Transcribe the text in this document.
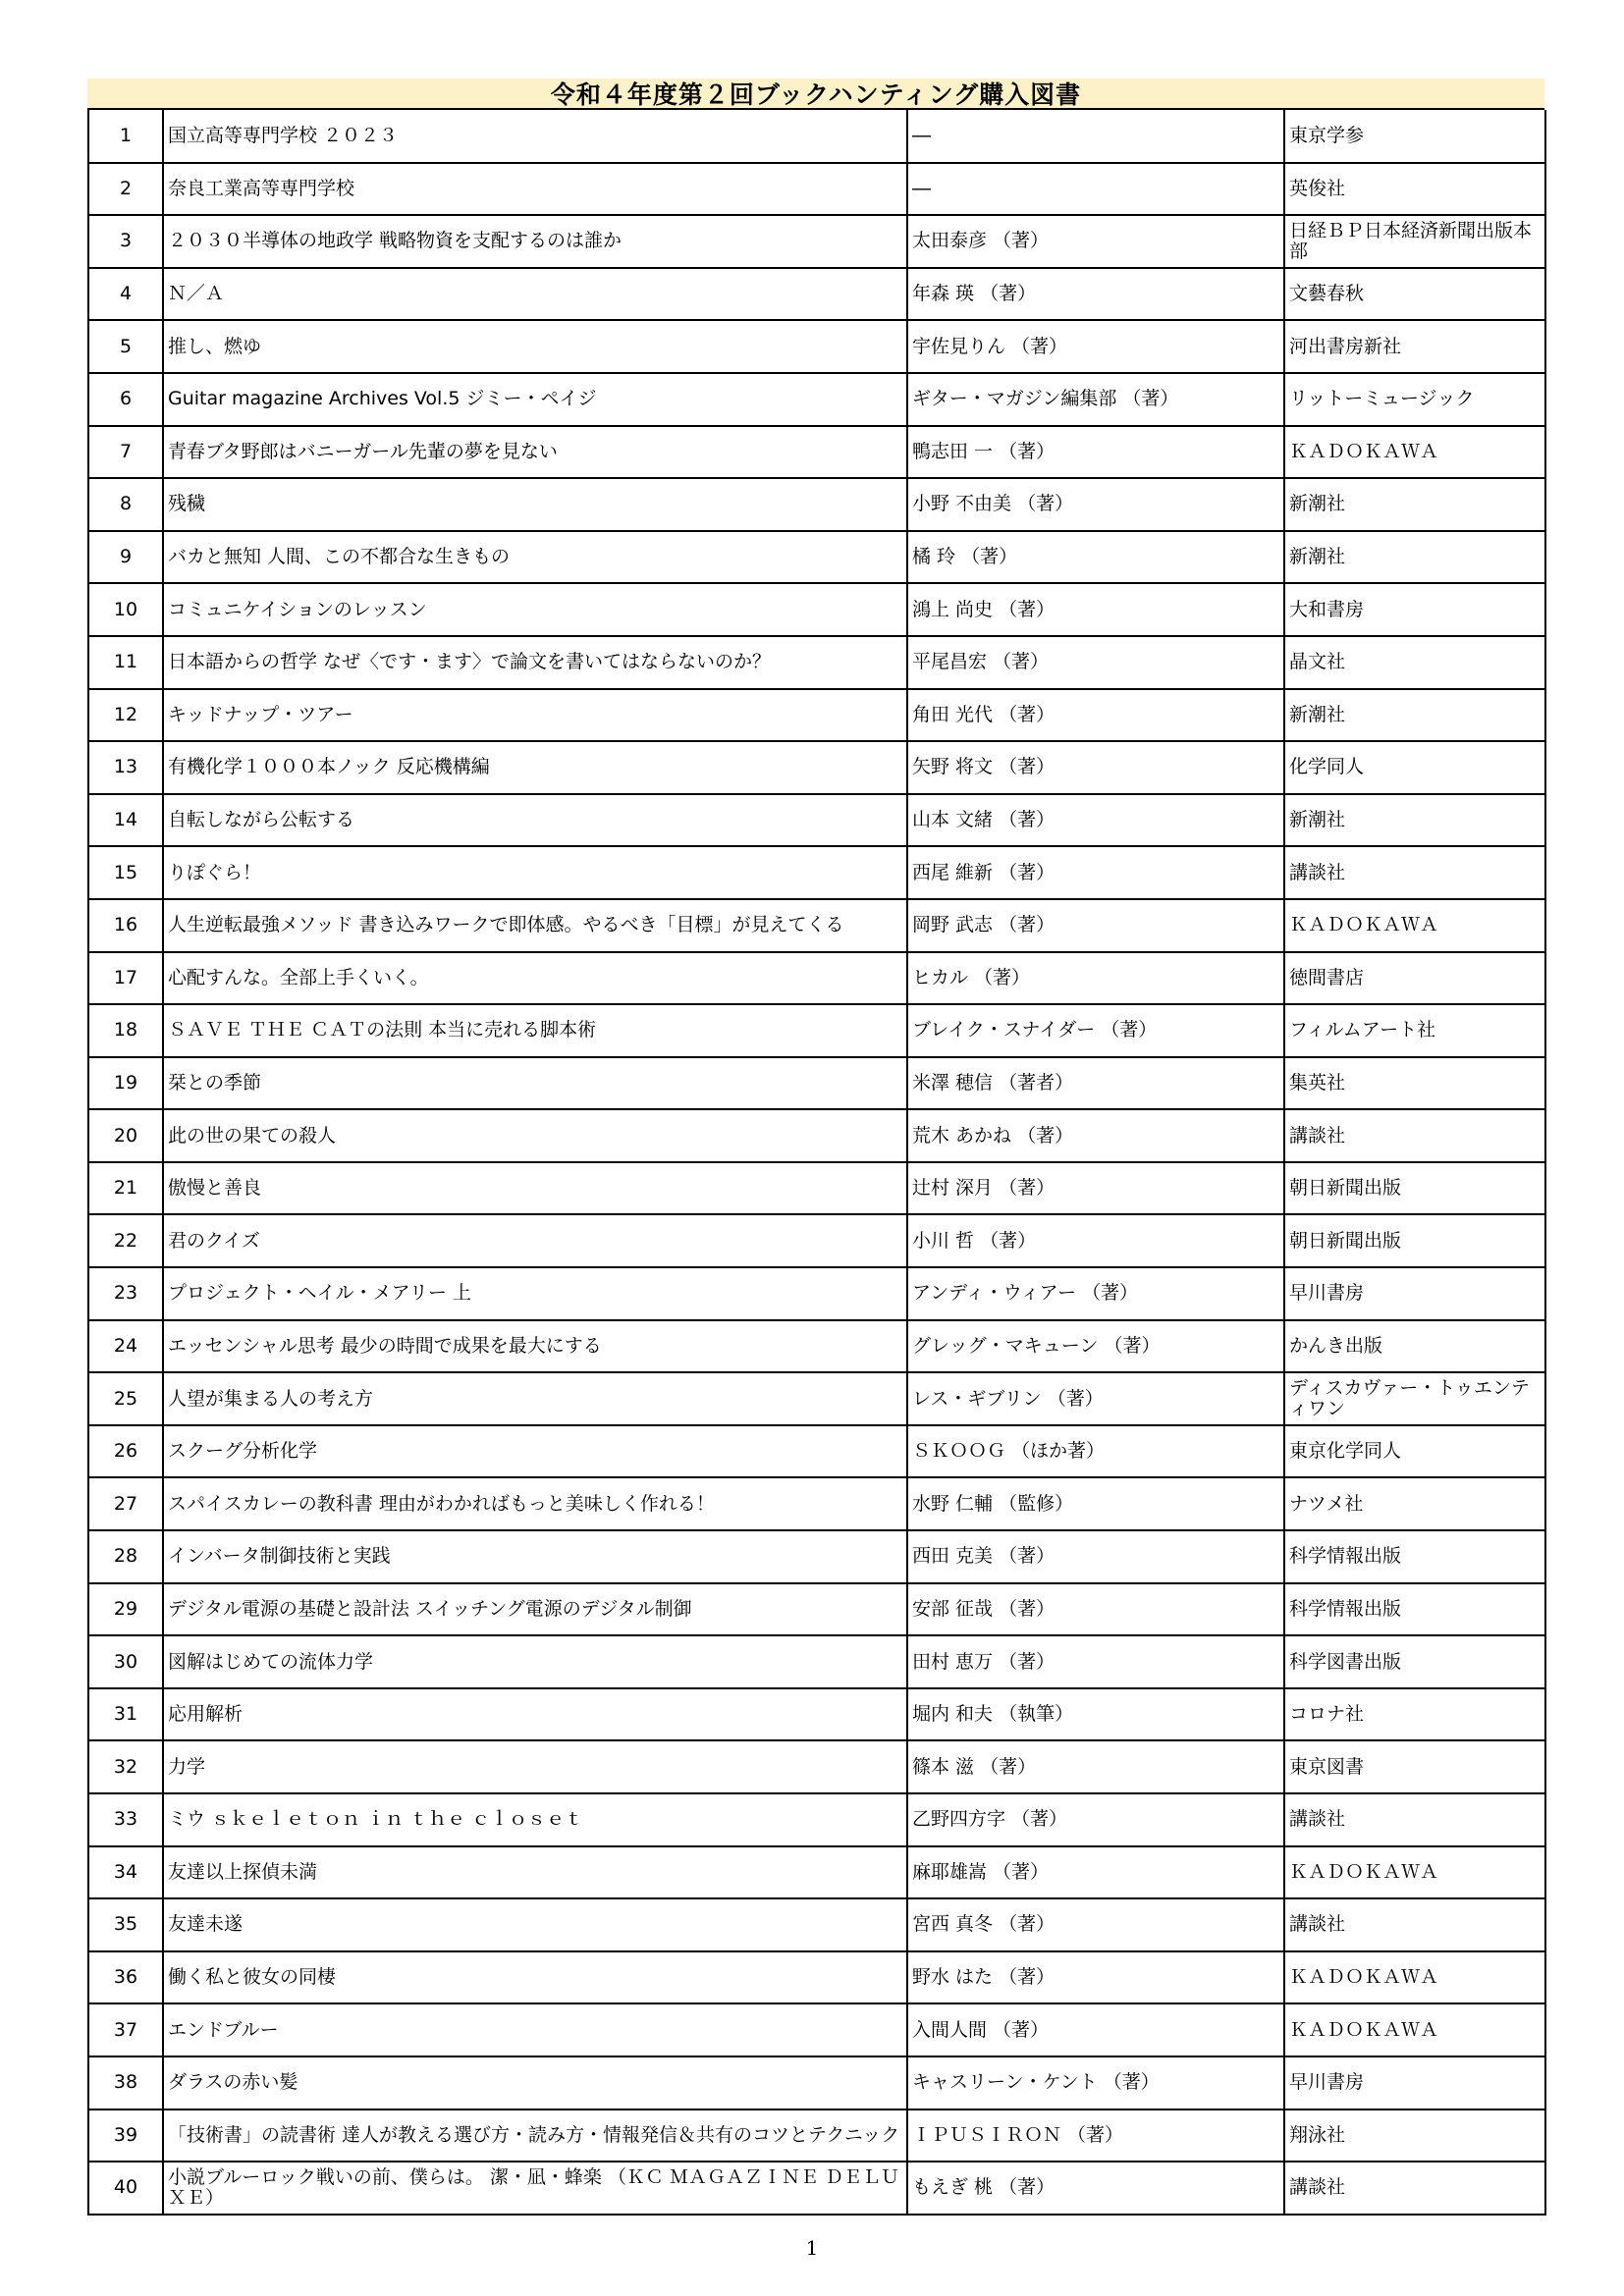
令和４年度第２回ブックハンティング購入図書
1	国立高等専門学校 ２０２３	―	東京学参
2	奈良工業高等専門学校	―	英俊社
3	２０３０半導体の地政学 戦略物資を支配するのは誰か	太田泰彦 （著）	日経ＢＰ日本経済新聞出版本部
4	Ｎ／Ａ	年森 瑛 （著）	文藝春秋
5	推し、燃ゆ	宇佐見りん （著）	河出書房新社
6	Guitar magazine Archives Vol.5 ジミー・ペイジ	ギター・マガジン編集部 （著）	リットーミュージック
7	青春ブタ野郎はバニーガール先輩の夢を見ない	鴨志田 一 （著）	ＫＡＤＯＫＡＷＡ
8	残穢	小野 不由美 （著）	新潮社
9	バカと無知 人間、この不都合な生きもの	橘 玲 （著）	新潮社
10	コミュニケイションのレッスン	鴻上 尚史 （著）	大和書房
11	日本語からの哲学 なぜ〈です・ます〉で論文を書いてはならないのか？	平尾昌宏 （著）	晶文社
12	キッドナップ・ツアー	角田 光代 （著）	新潮社
13	有機化学１０００本ノック 反応機構編	矢野 将文 （著）	化学同人
14	自転しながら公転する	山本 文緒 （著）	新潮社
15	りぽぐら！	西尾 維新 （著）	講談社
16	人生逆転最強メソッド 書き込みワークで即体感。やるべき「目標」が見えてくる	岡野 武志 （著）	ＫＡＤＯＫＡＷＡ
17	心配すんな。全部上手くいく。	ヒカル （著）	徳間書店
18	ＳＡＶＥ ＴＨＥ ＣＡＴの法則 本当に売れる脚本術	ブレイク・スナイダー （著）	フィルムアート社
19	栞との季節	米澤 穂信 （著者）	集英社
20	此の世の果ての殺人	荒木 あかね （著）	講談社
21	傲慢と善良	辻村 深月 （著）	朝日新聞出版
22	君のクイズ	小川 哲 （著）	朝日新聞出版
23	プロジェクト・ヘイル・メアリー 上	アンディ・ウィアー （著）	早川書房
24	エッセンシャル思考 最少の時間で成果を最大にする	グレッグ・マキューン （著）	かんき出版
25	人望が集まる人の考え方	レス・ギブリン （著）	ディスカヴァー・トゥエンティワン
26	スクーグ分析化学	ＳＫＯＯＧ （ほか著）	東京化学同人
27	スパイスカレーの教科書 理由がわかればもっと美味しく作れる！	水野 仁輔 （監修）	ナツメ社
28	インバータ制御技術と実践	西田 克美 （著）	科学情報出版
29	デジタル電源の基礎と設計法 スイッチング電源のデジタル制御	安部 征哉 （著）	科学情報出版
30	図解はじめての流体力学	田村 恵万 （著）	科学図書出版
31	応用解析	堀内 和夫 （執筆）	コロナ社
32	力学	篠本 滋 （著）	東京図書
33	ミウ ｓｋｅｌｅｔｏｎ ｉｎ ｔｈｅ ｃｌｏｓｅｔ	乙野四方字 （著）	講談社
34	友達以上探偵未満	麻耶雄嵩 （著）	ＫＡＤＯＫＡＷＡ
35	友達未遂	宮西 真冬 （著）	講談社
36	働く私と彼女の同棲	野水 はた （著）	ＫＡＤＯＫＡＷＡ
37	エンドブルー	入間人間 （著）	ＫＡＤＯＫＡＷＡ
38	ダラスの赤い髪	キャスリーン・ケント （著）	早川書房
39	「技術書」の読書術 達人が教える選び方・読み方・情報発信＆共有のコツとテクニック	ＩＰＵＳＩＲＯＮ （著）	翔泳社
40	小説ブルーロック戦いの前、僕らは。 潔・凪・蜂楽 （ＫＣ ＭＡＧＡＺＩＮＥ ＤＥＬＵＸＥ）	もえぎ 桃 （著）	講談社
1
